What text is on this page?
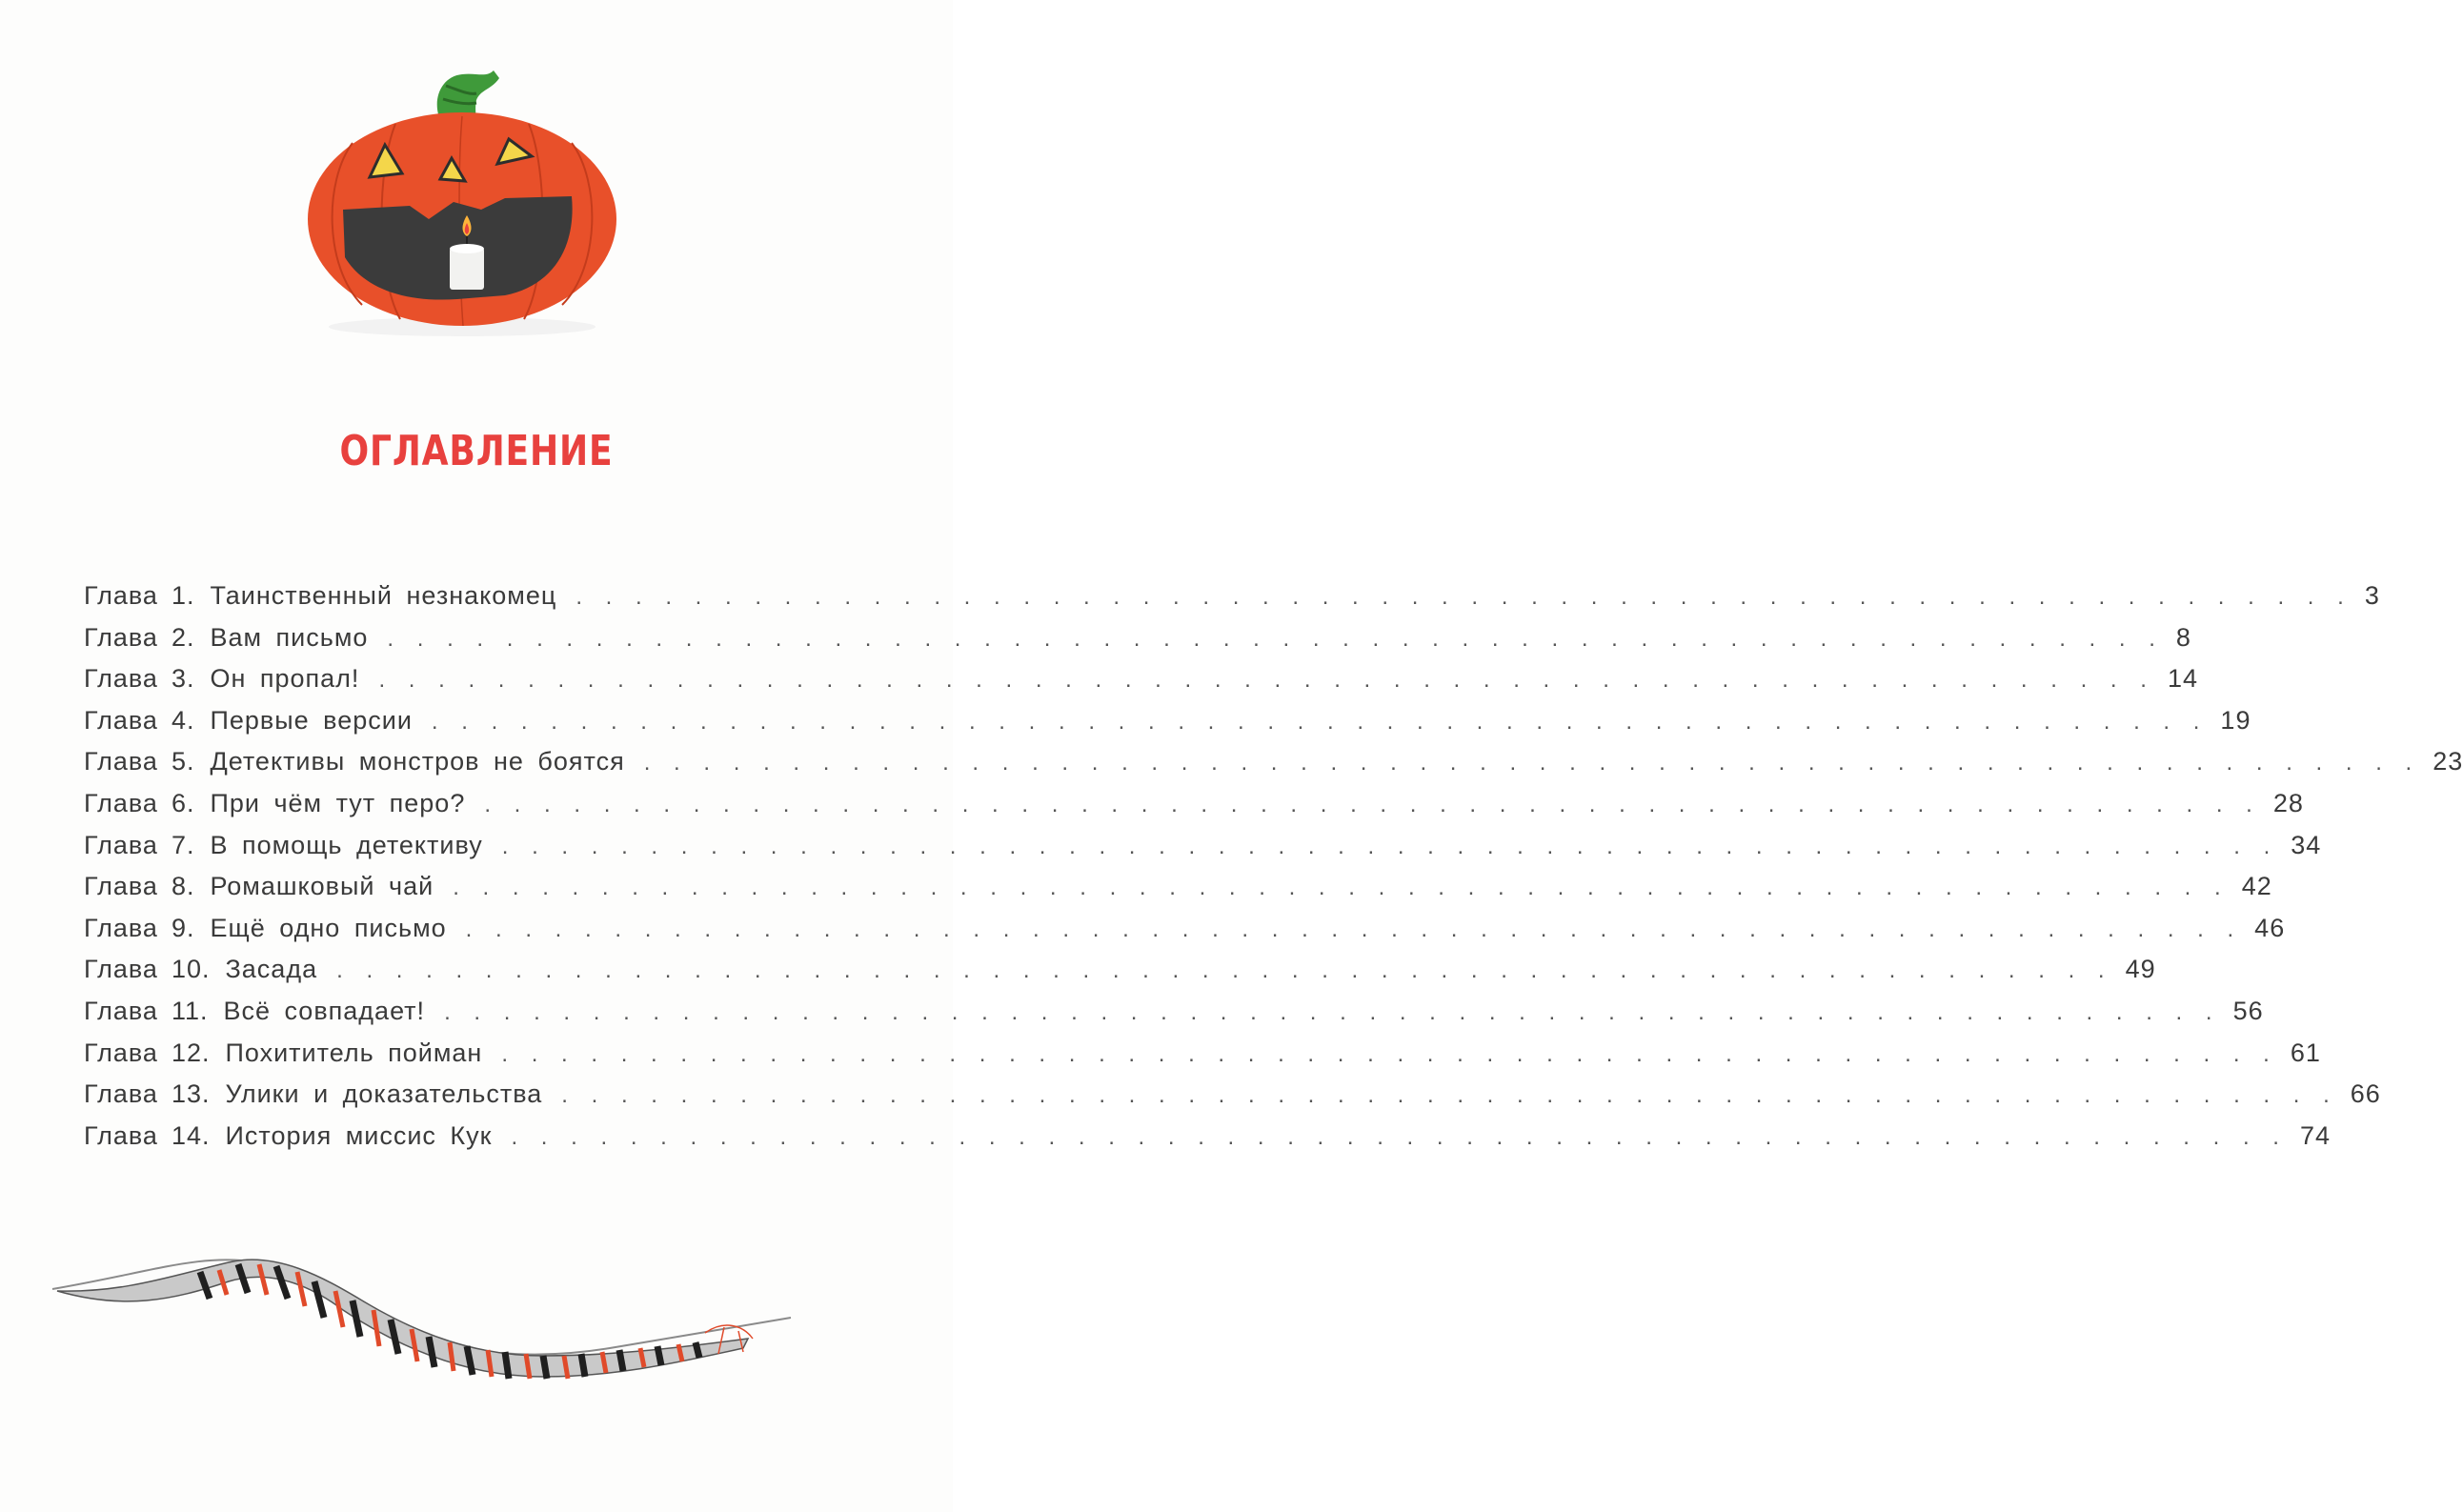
ОГЛАВЛЕНИЕ
Глава 1. Таинственный незнакомец . . . . . . . . . . . . . . . . . . . . . . . . . . . . . . . . . . . . . . . . . . . . . . . . . . . . . . . . . . . . 3
Глава 2. Вам письмо . . . . . . . . . . . . . . . . . . . . . . . . . . . . . . . . . . . . . . . . . . . . . . . . . . . . . . . . . . . . 8
Глава 3. Он пропал! . . . . . . . . . . . . . . . . . . . . . . . . . . . . . . . . . . . . . . . . . . . . . . . . . . . . . . . . . . . . 14
Глава 4. Первые версии . . . . . . . . . . . . . . . . . . . . . . . . . . . . . . . . . . . . . . . . . . . . . . . . . . . . . . . . . . . . 19
Глава 5. Детективы монстров не боятся . . . . . . . . . . . . . . . . . . . . . . . . . . . . . . . . . . . . . . . . . . . . . . . . . . . . . . . . . . . . 23
Глава 6. При чём тут перо? . . . . . . . . . . . . . . . . . . . . . . . . . . . . . . . . . . . . . . . . . . . . . . . . . . . . . . . . . . . . 28
Глава 7. В помощь детективу . . . . . . . . . . . . . . . . . . . . . . . . . . . . . . . . . . . . . . . . . . . . . . . . . . . . . . . . . . . . 34
Глава 8. Ромашковый чай . . . . . . . . . . . . . . . . . . . . . . . . . . . . . . . . . . . . . . . . . . . . . . . . . . . . . . . . . . . . 42
Глава 9. Ещё одно письмо . . . . . . . . . . . . . . . . . . . . . . . . . . . . . . . . . . . . . . . . . . . . . . . . . . . . . . . . . . . . 46
Глава 10. Засада . . . . . . . . . . . . . . . . . . . . . . . . . . . . . . . . . . . . . . . . . . . . . . . . . . . . . . . . . . . . 49
Глава 11. Всё совпадает! . . . . . . . . . . . . . . . . . . . . . . . . . . . . . . . . . . . . . . . . . . . . . . . . . . . . . . . . . . . . 56
Глава 12. Похититель пойман . . . . . . . . . . . . . . . . . . . . . . . . . . . . . . . . . . . . . . . . . . . . . . . . . . . . . . . . . . . . 61
Глава 13. Улики и доказательства . . . . . . . . . . . . . . . . . . . . . . . . . . . . . . . . . . . . . . . . . . . . . . . . . . . . . . . . . . . . 66
Глава 14. История миссис Кук . . . . . . . . . . . . . . . . . . . . . . . . . . . . . . . . . . . . . . . . . . . . . . . . . . . . . . . . . . . . 74
